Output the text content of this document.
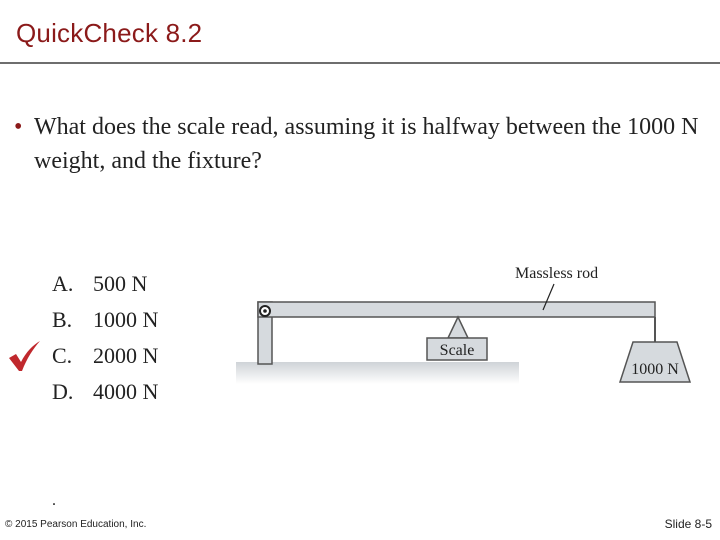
QuickCheck 8.2
• What does the scale read, assuming it is halfway between the 1000 N weight, and the fixture?
A. 500 N
B. 1000 N
C. 2000 N
D. 4000 N
Scale
1000 N
Massless rod
.
© 2015 Pearson Education, Inc.	Slide 8-5
